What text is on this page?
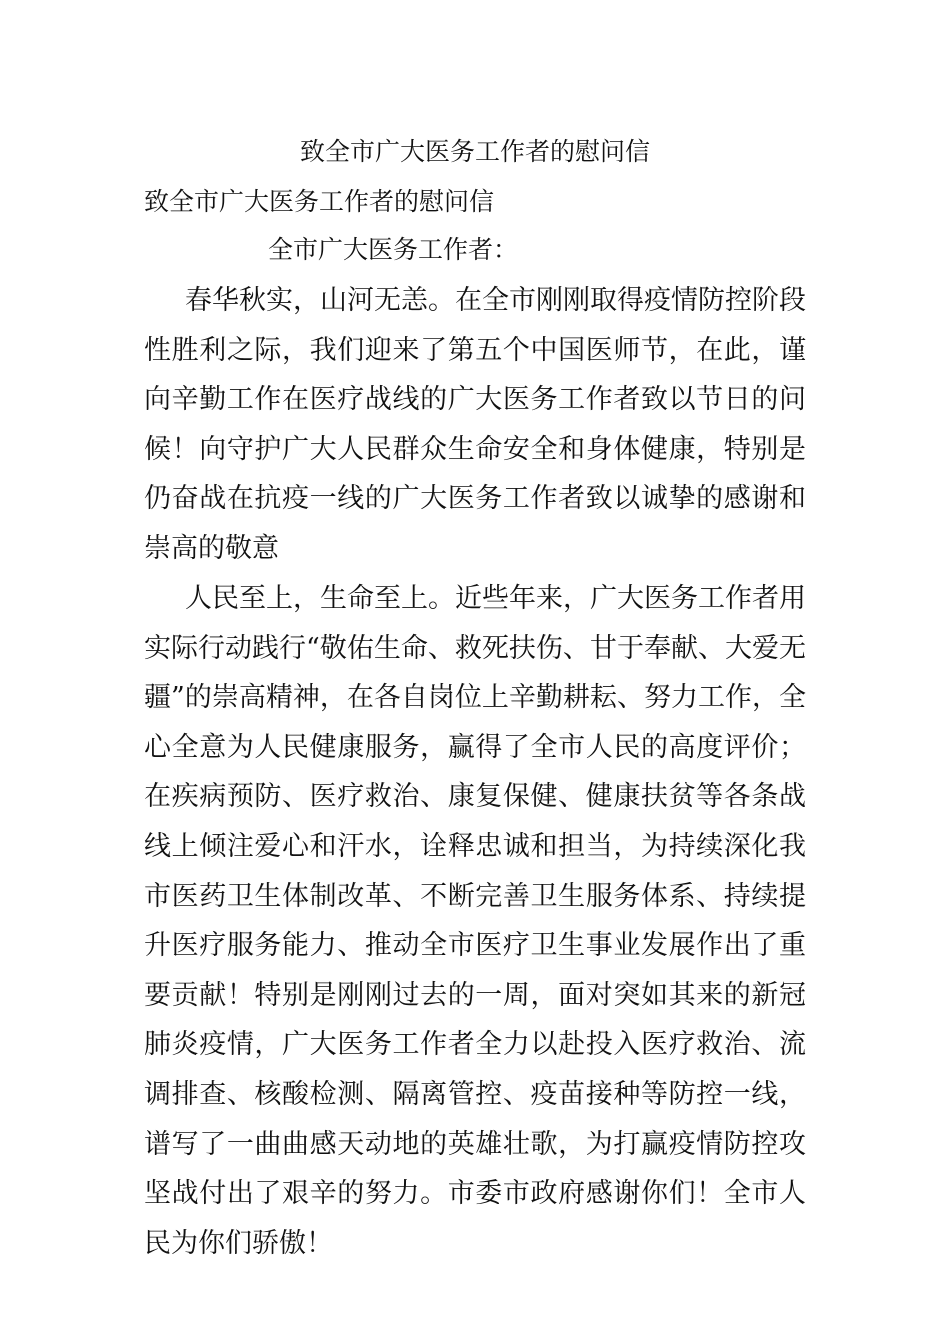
致全市广大医务工作者的慰问信
致全市广大医务工作者的慰问信
全市广大医务工作者：

春华秋实，山河无恙。在全市刚刚取得疫情防控阶段性胜利之际，我们迎来了第五个中国医师节，在此，谨向辛勤工作在医疗战线的广大医务工作者致以节日的问候！向守护广大人民群众生命安全和身体健康，特别是仍奋战在抗疫一线的广大医务工作者致以诚挚的感谢和崇高的敬意

人民至上，生命至上。近些年来，广大医务工作者用实际行动践行“敬佑生命、救死扶伤、甘于奉献、大爱无疆”的崇高精神，在各自岗位上辛勤耕耘、努力工作，全心全意为人民健康服务，赢得了全市人民的高度评价；在疾病预防、医疗救治、康复保健、健康扶贫等各条战线上倾注爱心和汗水，诠释忠诚和担当，为持续深化我市医药卫生体制改革、不断完善卫生服务体系、持续提升医疗服务能力、推动全市医疗卫生事业发展作出了重要贡献！特别是刚刚过去的一周，面对突如其来的新冠肺炎疫情，广大医务工作者全力以赴投入医疗救治、流调排查、核酸检测、隔离管控、疫苗接种等防控一线，谱写了一曲曲感天动地的英雄壮歌，为打赢疫情防控攻坚战付出了艰辛的努力。市委市政府感谢你们！全市人民为你们骄傲！
